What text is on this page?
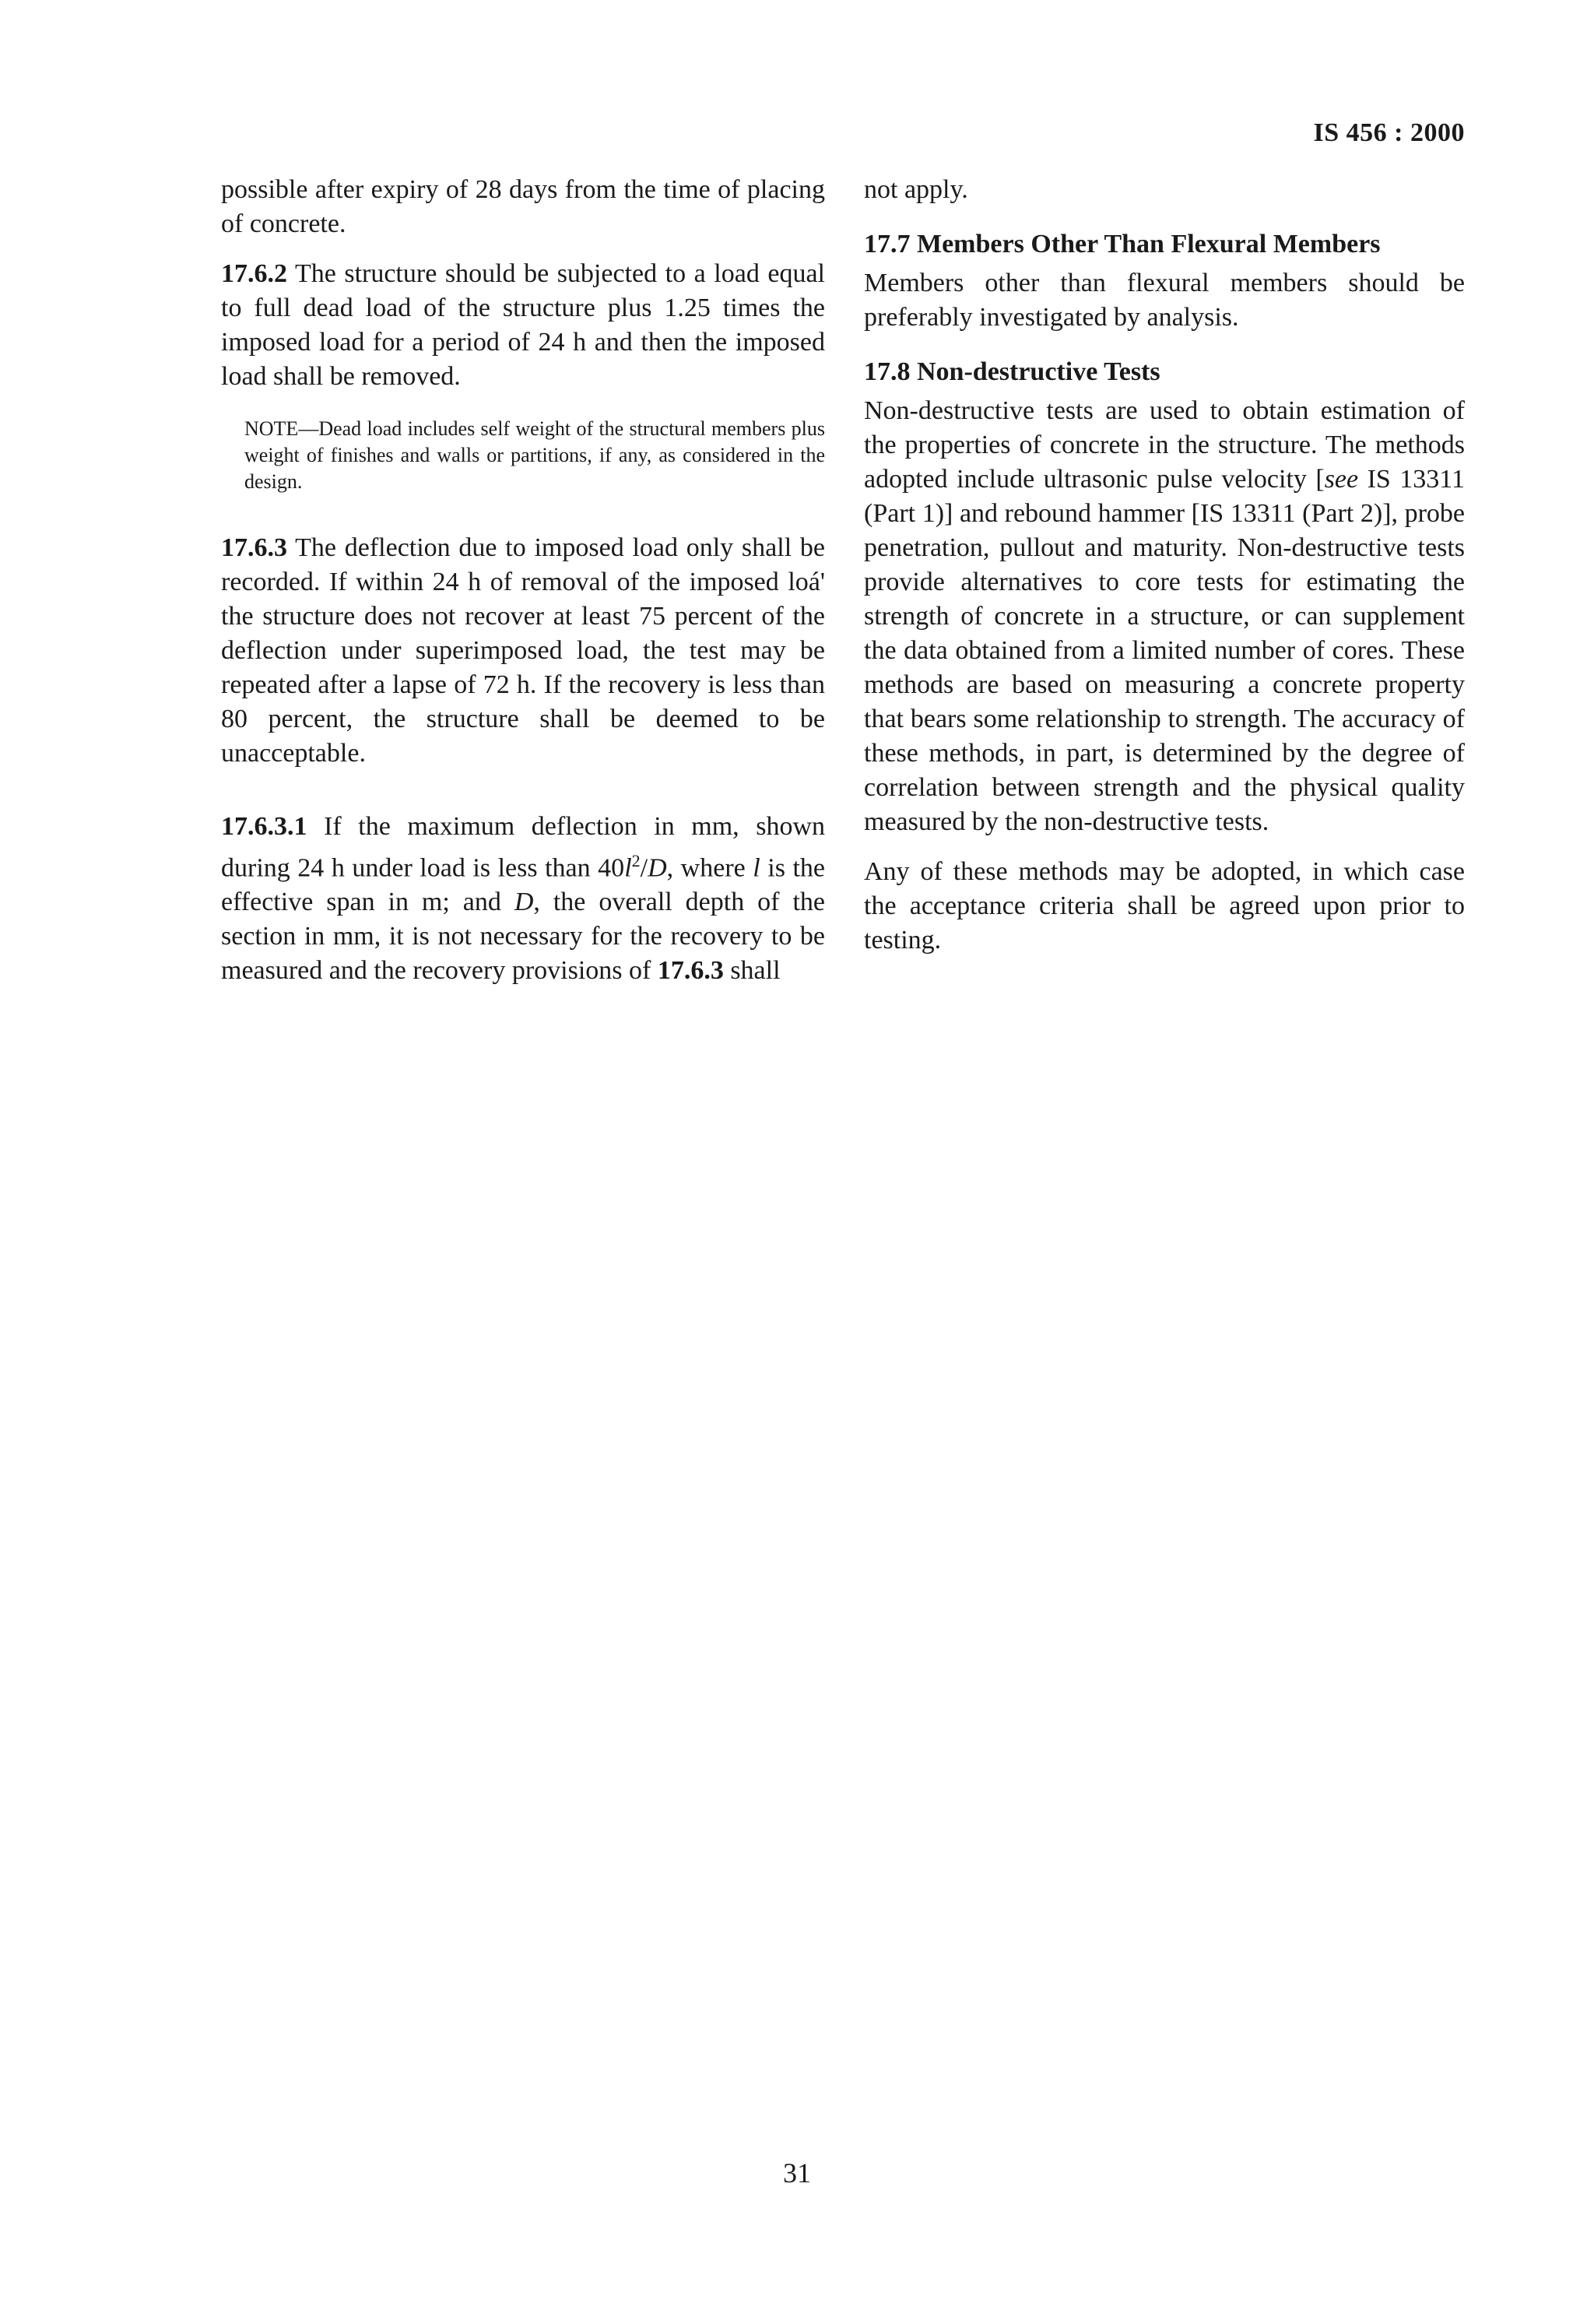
IS 456 : 2000

possible after expiry of 28 days from the time of placing of concrete.

17.6.2 The structure should be subjected to a load equal to full dead load of the structure plus 1.25 times the imposed load for a period of 24 h and then the imposed load shall be removed.

NOTE—Dead load includes self weight of the structural members plus weight of finishes and walls or partitions, if any, as considered in the design.

17.6.3 The deflection due to imposed load only shall be recorded. If within 24 h of removal of the imposed loá' the structure does not recover at least 75 percent of the deflection under superimposed load, the test may be repeated after a lapse of 72 h. If the recovery is less than 80 percent, the structure shall be deemed to be unacceptable.

17.6.3.1 If the maximum deflection in mm, shown during 24 h under load is less than $40l^2/D$, where l is the effective span in m; and D, the overall depth of the section in mm, it is not necessary for the recovery to be measured and the recovery provisions of 17.6.3 shall

not apply.

17.7 Members Other Than Flexural Members

Members other than flexural members should be preferably investigated by analysis.

17.8 Non-destructive Tests

Non-destructive tests are used to obtain estimation of the properties of concrete in the structure. The methods adopted include ultrasonic pulse velocity [see IS 13311 (Part 1)] and rebound hammer [IS 13311 (Part 2)], probe penetration, pullout and maturity. Non-destructive tests provide alternatives to core tests for estimating the strength of concrete in a structure, or can supplement the data obtained from a limited number of cores. These methods are based on measuring a concrete property that bears some relationship to strength. The accuracy of these methods, in part, is determined by the degree of correlation between strength and the physical quality measured by the non-destructive tests.

Any of these methods may be adopted, in which case the acceptance criteria shall be agreed upon prior to testing.

31
